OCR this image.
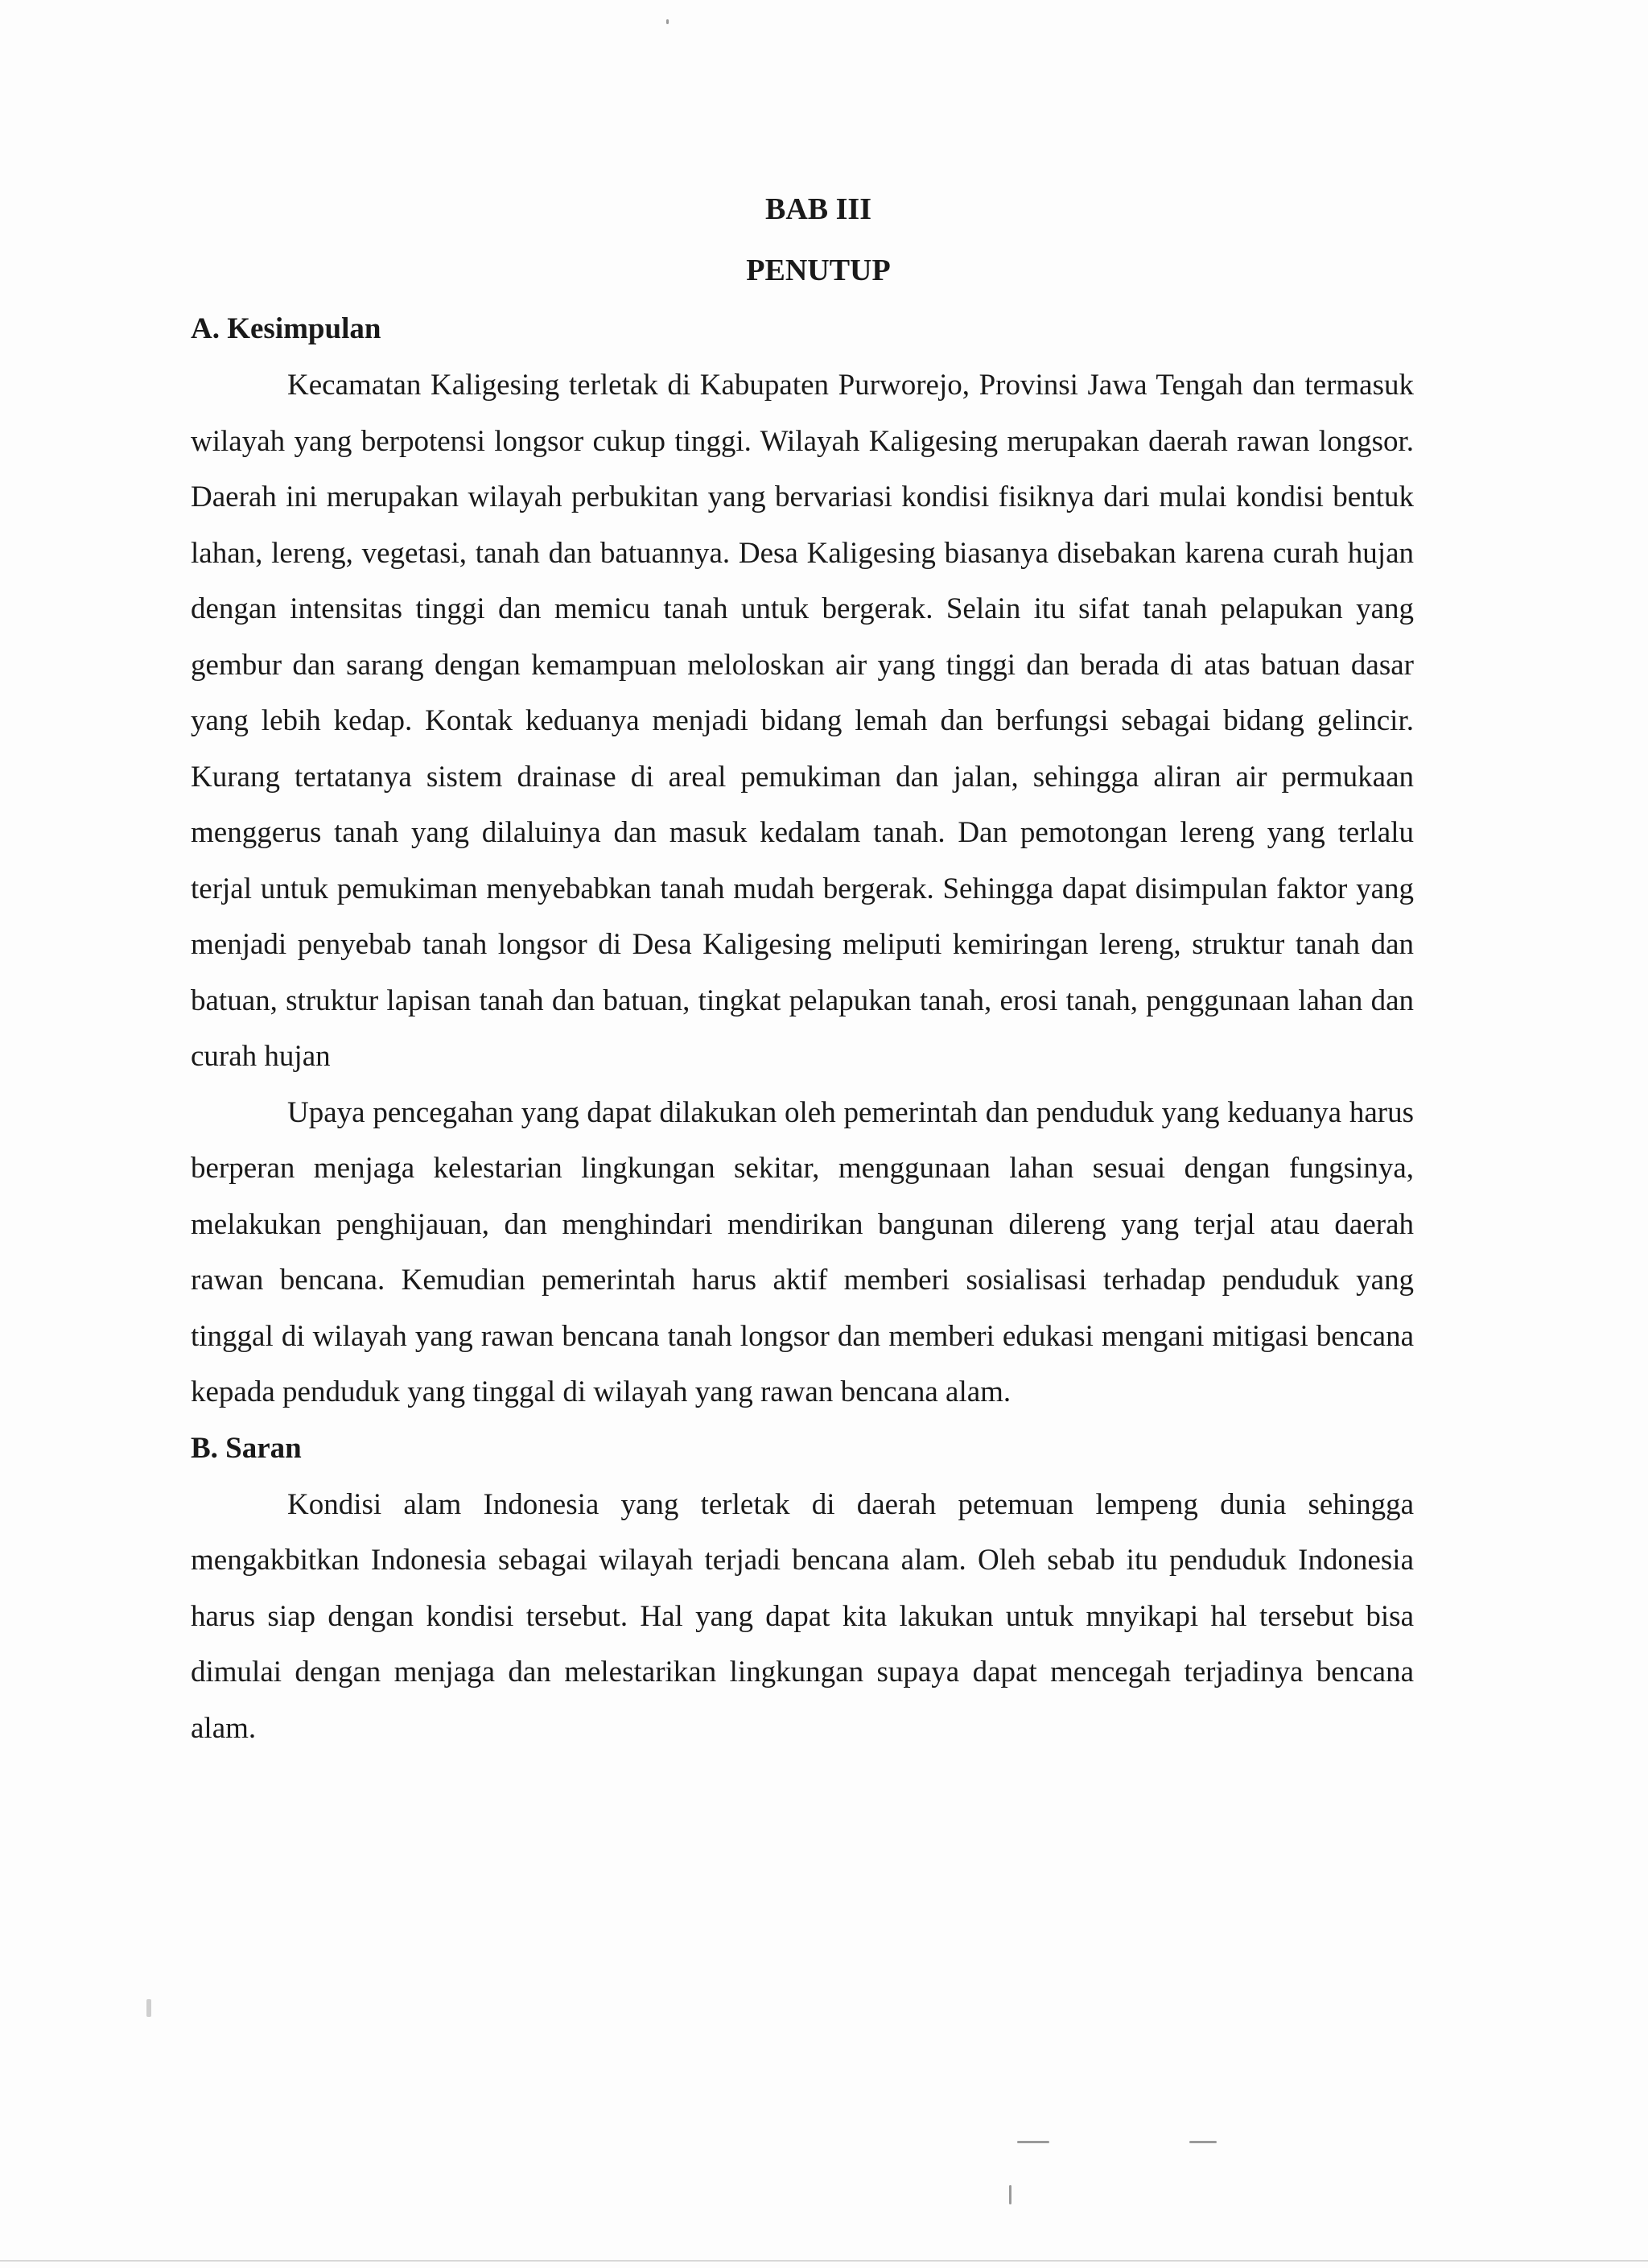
BAB III

PENUTUP

A. Kesimpulan

Kecamatan Kaligesing terletak di Kabupaten Purworejo, Provinsi Jawa Tengah dan termasuk wilayah yang berpotensi longsor cukup tinggi. Wilayah Kaligesing merupakan daerah rawan longsor. Daerah ini merupakan wilayah perbukitan yang bervariasi kondisi fisiknya dari mulai kondisi bentuk lahan, lereng, vegetasi, tanah dan batuannya. Desa Kaligesing biasanya disebakan karena curah hujan dengan intensitas tinggi dan memicu tanah untuk bergerak. Selain itu sifat tanah pelapukan yang gembur dan sarang dengan kemampuan meloloskan air yang tinggi dan berada di atas batuan dasar yang lebih kedap. Kontak keduanya menjadi bidang lemah dan berfungsi sebagai bidang gelincir. Kurang tertatanya sistem drainase di areal pemukiman dan jalan, sehingga aliran air permukaan menggerus tanah yang dilaluinya dan masuk kedalam tanah. Dan pemotongan lereng yang terlalu terjal untuk pemukiman menyebabkan tanah mudah bergerak. Sehingga dapat disimpulan faktor yang menjadi penyebab tanah longsor di Desa Kaligesing meliputi kemiringan lereng, struktur tanah dan batuan, struktur lapisan tanah dan batuan, tingkat pelapukan tanah, erosi tanah, penggunaan lahan dan curah hujan

Upaya pencegahan yang dapat dilakukan oleh pemerintah dan penduduk yang keduanya harus berperan menjaga kelestarian lingkungan sekitar, menggunaan lahan sesuai dengan fungsinya, melakukan penghijauan, dan menghindari mendirikan bangunan dilereng yang terjal atau daerah rawan bencana. Kemudian pemerintah harus aktif memberi sosialisasi terhadap penduduk yang tinggal di wilayah yang rawan bencana tanah longsor dan memberi edukasi mengani mitigasi bencana kepada penduduk yang tinggal di wilayah yang rawan bencana alam.

B. Saran

Kondisi alam Indonesia yang terletak di daerah petemuan lempeng dunia sehingga mengakbitkan Indonesia sebagai wilayah terjadi bencana alam. Oleh sebab itu penduduk Indonesia harus siap dengan kondisi tersebut. Hal yang dapat kita lakukan untuk mnyikapi hal tersebut bisa dimulai dengan menjaga dan melestarikan lingkungan supaya dapat mencegah terjadinya bencana alam.
